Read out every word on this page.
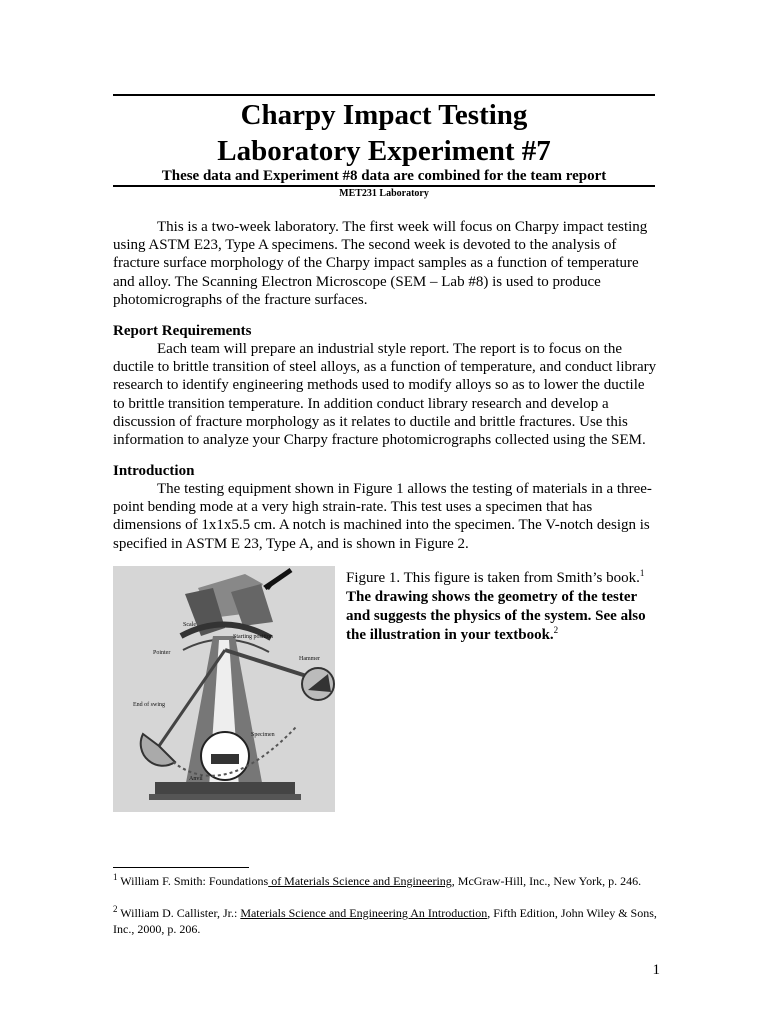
Charpy Impact Testing
Laboratory Experiment #7
These data and Experiment #8 data are combined for the team report
MET231 Laboratory

This is a two-week laboratory. The first week will focus on Charpy impact testing using ASTM E23, Type A specimens. The second week is devoted to the analysis of fracture surface morphology of the Charpy impact samples as a function of temperature and alloy. The Scanning Electron Microscope (SEM – Lab #8) is used to produce photomicrographs of the fracture surfaces.

Report Requirements

Each team will prepare an industrial style report. The report is to focus on the ductile to brittle transition of steel alloys, as a function of temperature, and conduct library research to identify engineering methods used to modify alloys so as to lower the ductile to brittle transition temperature. In addition conduct library research and develop a discussion of fracture morphology as it relates to ductile and brittle fractures. Use this information to analyze your Charpy fracture photomicrographs collected using the SEM.

Introduction

The testing equipment shown in Figure 1 allows the testing of materials in a three-point bending mode at a very high strain-rate. This test uses a specimen that has dimensions of 1x1x5.5 cm. A notch is machined into the specimen. The V-notch design is specified in ASTM E 23, Type A, and is shown in Figure 2.

Scale
Pointer
Starting position
Hammer
End of swing
Specimen
Anvil
Figure 1. This figure is taken from Smith’s book.$^1$ The drawing shows the geometry of the tester and suggests the physics of the system. See also the illustration in your textbook.$^2$
$^1$ William F. Smith: Foundations of Materials Science and Engineering, McGraw-Hill, Inc., New York, p. 246.
$^2$ William D. Callister, Jr.: Materials Science and Engineering An Introduction, Fifth Edition, John Wiley & Sons, Inc., 2000, p. 206.
1
